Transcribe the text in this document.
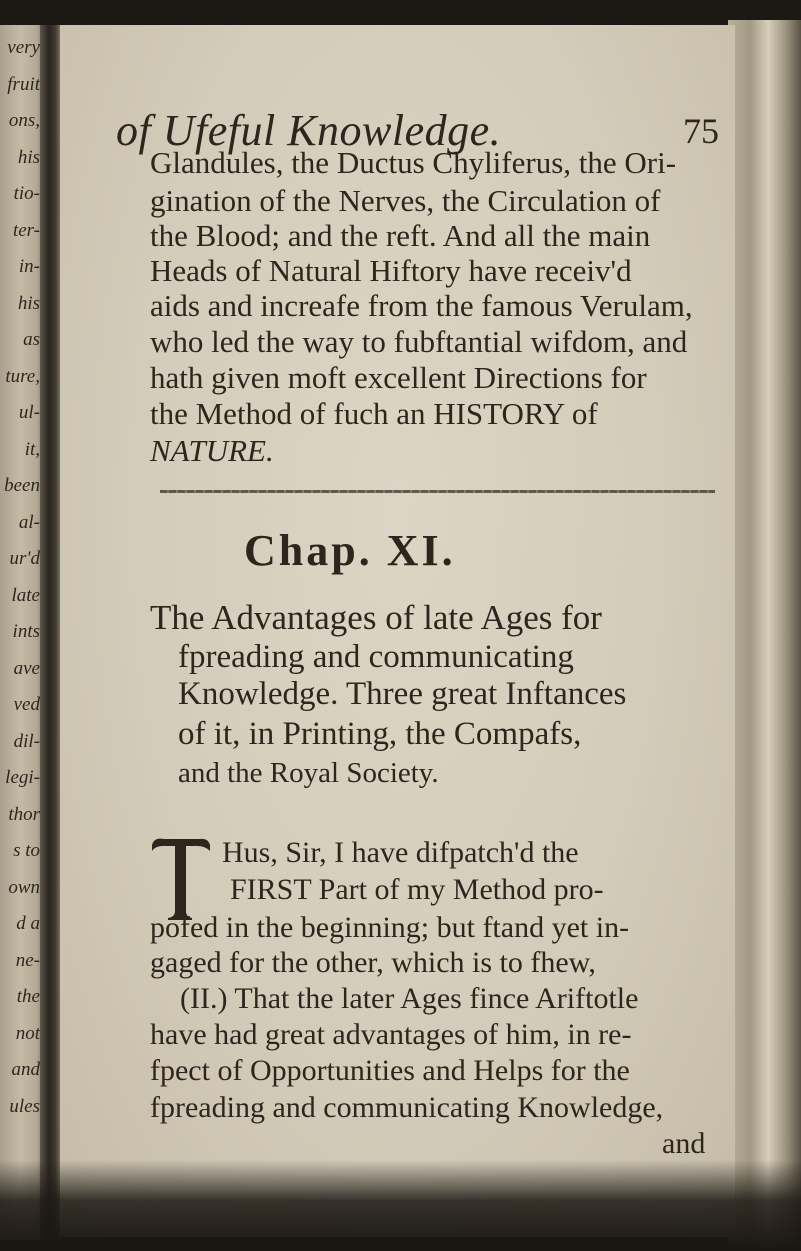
very
fruit
ons,
his
tio-
ter-
in-
his
as
ture,
ul-
it,
been
al-
ur'd
late
ints
ave
ved
dil-
legi-
thor
s to
own
d a
ne-
the
not
and
ules
of Ufeful Knowledge.	75
Glandules, the Ductus Chyliferus, the Ori-
gination of the Nerves, the Circulation of
the Blood; and the reft. And all the main
Heads of Natural Hiftory have receiv'd
aids and increafe from the famous Verulam,
who led the way to fubftantial wifdom, and
hath given moft excellent Directions for
the Method of fuch an HISTORY of
NATURE.
Chap. XI.
The Advantages of late Ages for
fpreading and communicating
Knowledge. Three great Inftances
of it, in Printing, the Compafs,
and the Royal Society.
Hus, Sir, I have difpatch'd the
FIRST Part of my Method pro-
pofed in the beginning; but ftand yet in-
gaged for the other, which is to fhew,
(II.) That the later Ages fince Ariftotle
have had great advantages of him, in re-
fpect of Opportunities and Helps for the
fpreading and communicating Knowledge,
and
